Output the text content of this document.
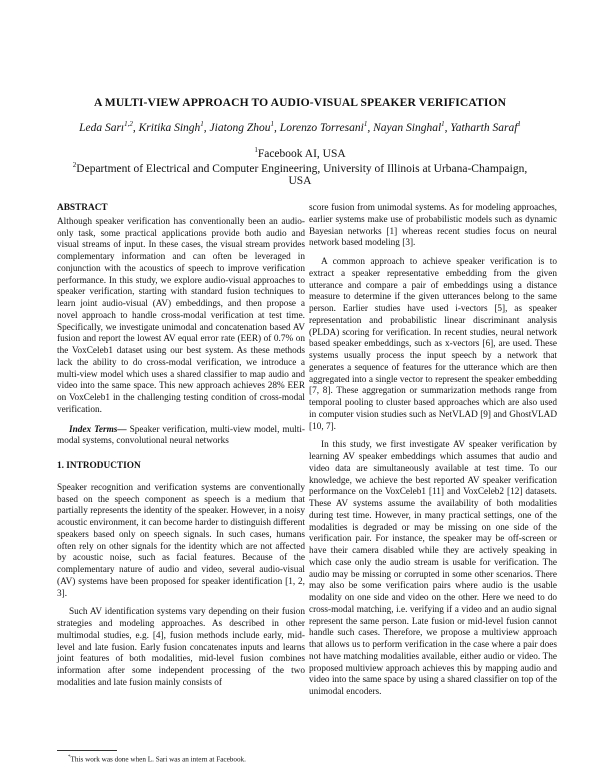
A MULTI-VIEW APPROACH TO AUDIO-VISUAL SPEAKER VERIFICATION
Leda Sarı$^{1,2}$, Kritika Singh$^1$, Jiatong Zhou$^1$, Lorenzo Torresani$^1$, Nayan Singhal$^1$, Yatharth Saraf$^1$
$^1$Facebook AI, USA
$^2$Department of Electrical and Computer Engineering, University of Illinois at Urbana-Champaign, USA

ABSTRACT

Although speaker verification has conventionally been an audio-only task, some practical applications provide both audio and visual streams of input. In these cases, the visual stream provides complementary information and can often be leveraged in conjunction with the acoustics of speech to improve verification performance. In this study, we explore audio-visual approaches to speaker verification, starting with standard fusion techniques to learn joint audio-visual (AV) embeddings, and then propose a novel approach to handle cross-modal verification at test time. Specifically, we investigate unimodal and concatenation based AV fusion and report the lowest AV equal error rate (EER) of 0.7% on the VoxCeleb1 dataset using our best system. As these methods lack the ability to do cross-modal verification, we introduce a multi-view model which uses a shared classifier to map audio and video into the same space. This new approach achieves 28% EER on VoxCeleb1 in the challenging testing condition of cross-modal verification.

Index Terms— Speaker verification, multi-view model, multi-modal systems, convolutional neural networks

1. INTRODUCTION

Speaker recognition and verification systems are conventionally based on the speech component as speech is a medium that partially represents the identity of the speaker. However, in a noisy acoustic environment, it can become harder to distinguish different speakers based only on speech signals. In such cases, humans often rely on other signals for the identity which are not affected by acoustic noise, such as facial features. Because of the complementary nature of audio and video, several audio-visual (AV) systems have been proposed for speaker identification [1, 2, 3].

Such AV identification systems vary depending on their fusion strategies and modeling approaches. As described in other multimodal studies, e.g. [4], fusion methods include early, mid-level and late fusion. Early fusion concatenates inputs and learns joint features of both modalities, mid-level fusion combines information after some independent processing of the two modalities and late fusion mainly consists of

score fusion from unimodal systems. As for modeling approaches, earlier systems make use of probabilistic models such as dynamic Bayesian networks [1] whereas recent studies focus on neural network based modeling [3].

A common approach to achieve speaker verification is to extract a speaker representative embedding from the given utterance and compare a pair of embeddings using a distance measure to determine if the given utterances belong to the same person. Earlier studies have used i-vectors [5], as speaker representation and probabilistic linear discriminant analysis (PLDA) scoring for verification. In recent studies, neural network based speaker embeddings, such as x-vectors [6], are used. These systems usually process the input speech by a network that generates a sequence of features for the utterance which are then aggregated into a single vector to represent the speaker embedding [7, 8]. These aggregation or summarization methods range from temporal pooling to cluster based approaches which are also used in computer vision studies such as NetVLAD [9] and GhostVLAD [10, 7].

In this study, we first investigate AV speaker verification by learning AV speaker embeddings which assumes that audio and video data are simultaneously available at test time. To our knowledge, we achieve the best reported AV speaker verification performance on the VoxCeleb1 [11] and VoxCeleb2 [12] datasets. These AV systems assume the availability of both modalities during test time. However, in many practical settings, one of the modalities is degraded or may be missing on one side of the verification pair. For instance, the speaker may be off-screen or have their camera disabled while they are actively speaking in which case only the audio stream is usable for verification. The audio may be missing or corrupted in some other scenarios. There may also be some verification pairs where audio is the usable modality on one side and video on the other. Here we need to do cross-modal matching, i.e. verifying if a video and an audio signal represent the same person. Late fusion or mid-level fusion cannot handle such cases. Therefore, we propose a multiview approach that allows us to perform verification in the case where a pair does not have matching modalities available, either audio or video. The proposed multiview approach achieves this by mapping audio and video into the same space by using a shared classifier on top of the unimodal encoders.

*This work was done when L. Sari was an intern at Facebook.
